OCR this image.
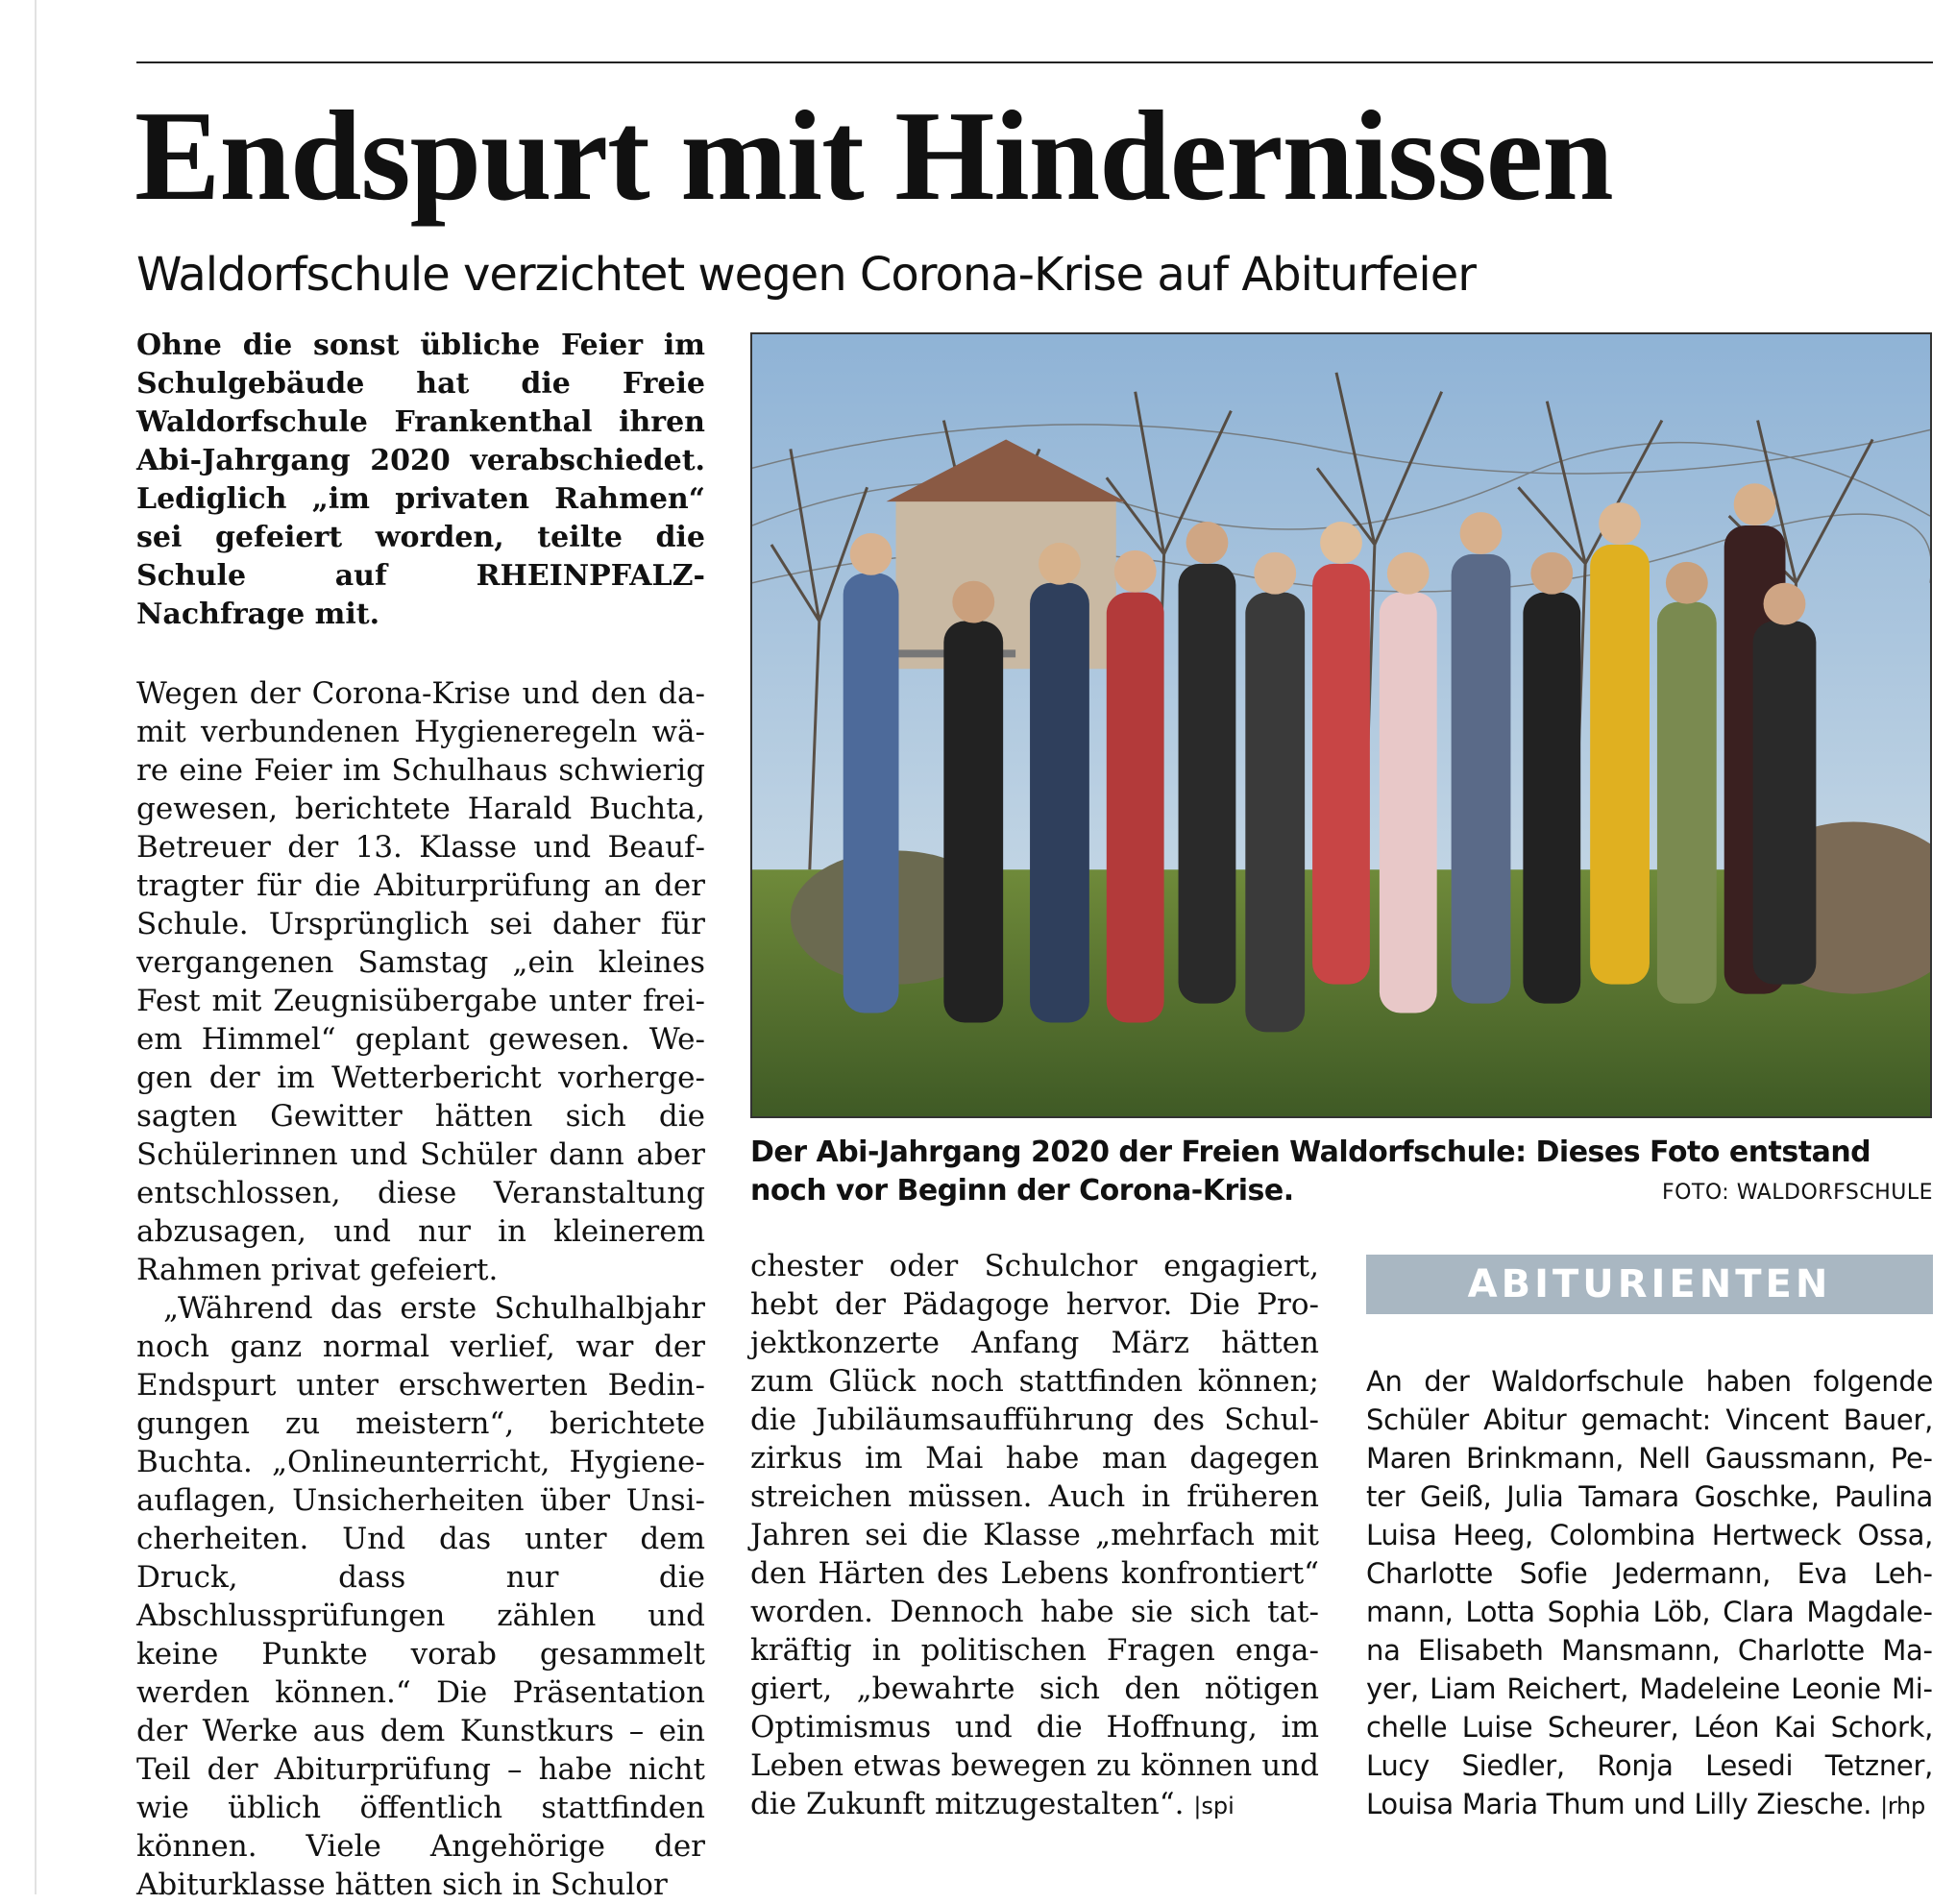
Endspurt mit Hindernissen
Waldorfschule verzichtet wegen Corona-Krise auf Abiturfeier

Ohne die sonst übliche Feier im Schulgebäude hat die Freie Waldorfschule Frankenthal ihren Abi-Jahrgang 2020 verabschiedet. Lediglich „im privaten Rahmen“ sei gefeiert worden, teilte die Schule auf RHEINPFALZ-Nachfrage mit.

Wegen der Corona-Krise und den damit verbundenen Hygieneregeln wäre eine Feier im Schulhaus schwierig gewesen, berichtete Harald Buchta, Betreuer der 13. Klasse und Beauftragter für die Abiturprüfung an der Schule. Ursprünglich sei daher für vergangenen Samstag „ein kleines Fest mit Zeugnisübergabe unter freiem Himmel“ geplant gewesen. Wegen der im Wetterbericht vorhergesagten Gewitter hätten sich die Schülerinnen und Schüler dann aber entschlossen, diese Veranstaltung abzusagen, und nur in kleinerem Rahmen privat gefeiert.

„Während das erste Schulhalbjahr noch ganz normal verlief, war der Endspurt unter erschwerten Bedingungen zu meistern“, berichtete Buchta. „Onlineunterricht, Hygieneauflagen, Unsicherheiten über Unsicherheiten. Und das unter dem Druck, dass nur die Abschlussprüfungen zählen und keine Punkte vorab gesammelt werden können.“ Die Präsentation der Werke aus dem Kunstkurs – ein Teil der Abiturprüfung – habe nicht wie üblich öffentlich stattfinden können. Viele Angehörige der Abiturklasse hätten sich in Schulor

Der Abi-Jahrgang 2020 der Freien Waldorfschule: Dieses Foto entstand noch vor Beginn der Corona-Krise.	FOTO: WALDORFSCHULE

chester oder Schulchor engagiert, hebt der Pädagoge hervor. Die Projektkonzerte Anfang März hätten zum Glück noch stattfinden können; die Jubiläumsaufführung des Schulzirkus im Mai habe man dagegen streichen müssen. Auch in früheren Jahren sei die Klasse „mehrfach mit den Härten des Lebens konfrontiert“ worden. Dennoch habe sie sich tatkräftig in politischen Fragen engagiert, „bewahrte sich den nötigen Optimismus und die Hoffnung, im Leben etwas bewegen zu können und die Zukunft mitzugestalten“. |spi

ABITURIENTEN

An der Waldorfschule haben folgende Schüler Abitur gemacht: Vincent Bauer, Maren Brinkmann, Nell Gaussmann, Peter Geiß, Julia Tamara Goschke, Paulina Luisa Heeg, Colombina Hertweck Ossa, Charlotte Sofie Jedermann, Eva Lehmann, Lotta Sophia Löb, Clara Magdalena Elisabeth Mansmann, Charlotte Mayer, Liam Reichert, Madeleine Leonie Michelle Luise Scheurer, Léon Kai Schork, Lucy Siedler, Ronja Lesedi Tetzner, Louisa Maria Thum und Lilly Ziesche. |rhp
